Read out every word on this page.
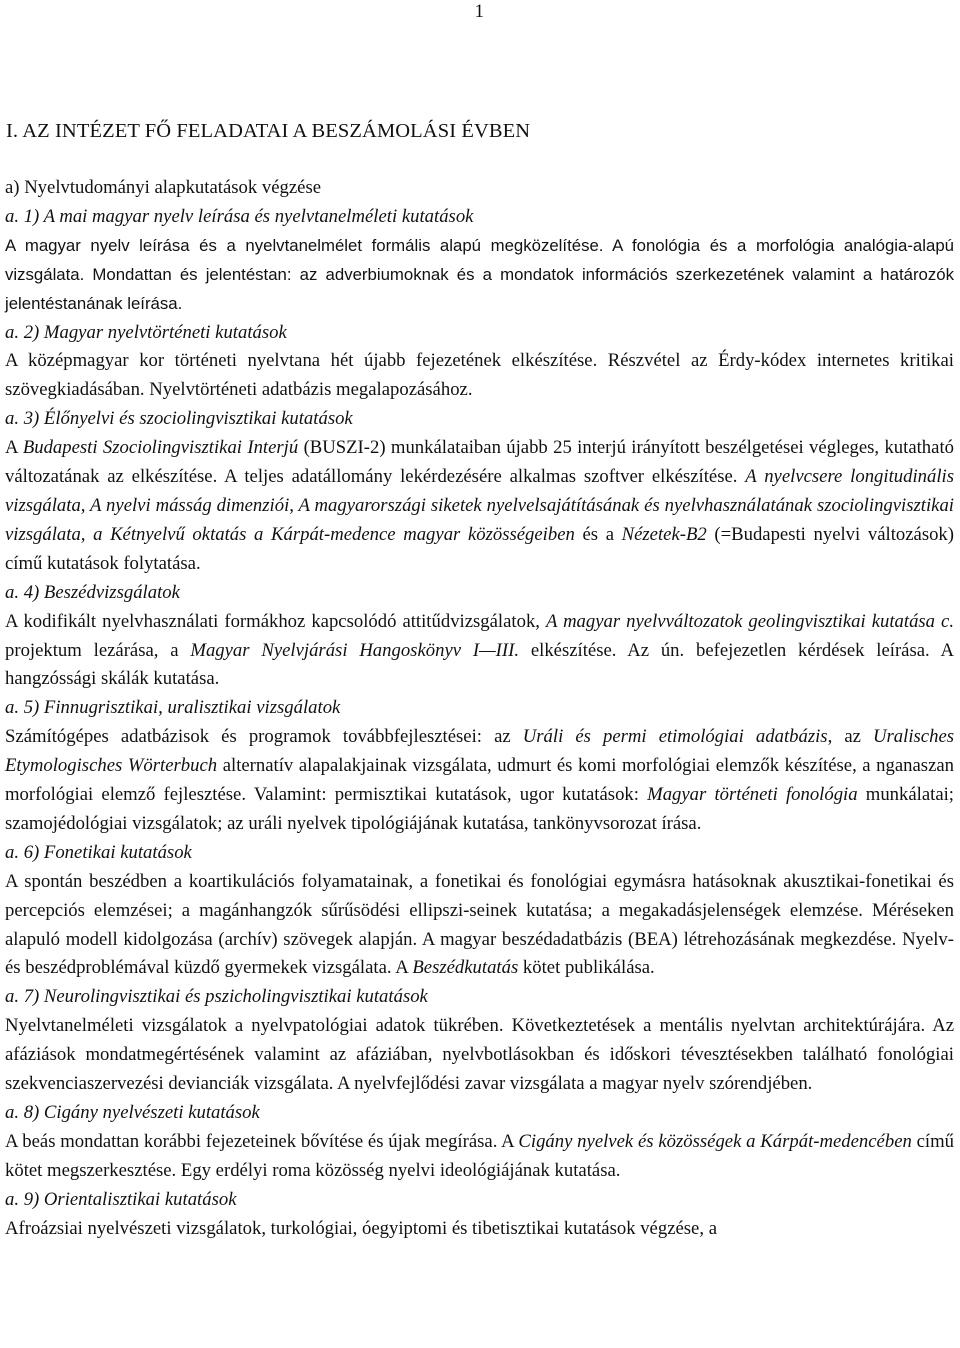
1
I. AZ INTÉZET FŐ FELADATAI A BESZÁMOLÁSI ÉVBEN

a) Nyelvtudományi alapkutatások végzése

a. 1) A mai magyar nyelv leírása és nyelvtanelméleti kutatások

A magyar nyelv leírása és a nyelvtanelmélet formális alapú megközelítése. A fonológia és a morfológia analógia-alapú vizsgálata. Mondattan és jelentéstan: az adverbiumoknak és a mondatok információs szerkezetének valamint a határozók jelentéstanának leírása.

a. 2) Magyar nyelvtörténeti kutatások

A középmagyar kor történeti nyelvtana hét újabb fejezetének elkészítése. Részvétel az Érdy-kódex internetes kritikai szövegkiadásában. Nyelvtörténeti adatbázis megalapozásához.

a. 3) Élőnyelvi és szociolingvisztikai kutatások

A Budapesti Szociolingvisztikai Interjú (BUSZI-2) munkálataiban újabb 25 interjú irányított beszélgetései végleges, kutatható változatának az elkészítése. A teljes adatállomány lekérdezésére alkalmas szoftver elkészítése. A nyelvcsere longitudinális vizsgálata, A nyelvi másság dimenziói, A magyarországi siketek nyelvelsajátításának és nyelvhasználatának szociolingvisztikai vizsgálata, a Kétnyelvű oktatás a Kárpát-medence magyar közösségeiben és a Nézetek-B2 (=Budapesti nyelvi változások) című kutatások folytatása.

a. 4) Beszédvizsgálatok

A kodifikált nyelvhasználati formákhoz kapcsolódó attitűdvizsgálatok, A magyar nyelvváltozatok geolingvisztikai kutatása c. projektum lezárása, a Magyar Nyelvjárási Hangoskönyv I—III. elkészítése. Az ún. befejezetlen kérdések leírása. A hangzóssági skálák kutatása.

a. 5) Finnugrisztikai, uralisztikai vizsgálatok

Számítógépes adatbázisok és programok továbbfejlesztései: az Uráli és permi etimológiai adatbázis, az Uralisches Etymologisches Wörterbuch alternatív alapalakjainak vizsgálata, udmurt és komi morfológiai elemzők készítése, a nganaszan morfológiai elemző fejlesztése. Valamint: permisztikai kutatások, ugor kutatások: Magyar történeti fonológia munkálatai; szamojédológiai vizsgálatok; az uráli nyelvek tipológiájának kutatása, tankönyvsorozat írása.

a. 6) Fonetikai kutatások

A spontán beszédben a koartikulációs folyamatainak, a fonetikai és fonológiai egymásra hatásoknak akusztikai-fonetikai és percepciós elemzései; a magánhangzók sűrűsödési ellipszi-seinek kutatása; a megakadásjelenségek elemzése. Méréseken alapuló modell kidolgozása (archív) szövegek alapján. A magyar beszédadatbázis (BEA) létrehozásának megkezdése. Nyelv- és beszédproblémával küzdő gyermekek vizsgálata. A Beszédkutatás kötet publikálása.

a. 7) Neurolingvisztikai és pszicholingvisztikai kutatások

Nyelvtanelméleti vizsgálatok a nyelvpatológiai adatok tükrében. Következtetések a mentális nyelvtan architektúrájára. Az afáziások mondatmegértésének valamint az afáziában, nyelvbotlásokban és időskori tévesztésekben található fonológiai szekvenciaszervezési devianciák vizsgálata. A nyelvfejlődési zavar vizsgálata a magyar nyelv szórendjében.

a. 8) Cigány nyelvészeti kutatások

A beás mondattan korábbi fejezeteinek bővítése és újak megírása. A Cigány nyelvek és közösségek a Kárpát-medencében című kötet megszerkesztése. Egy erdélyi roma közösség nyelvi ideológiájának kutatása.

a. 9) Orientalisztikai kutatások

Afroázsiai nyelvészeti vizsgálatok, turkológiai, óegyiptomi és tibetisztikai kutatások végzése, a
